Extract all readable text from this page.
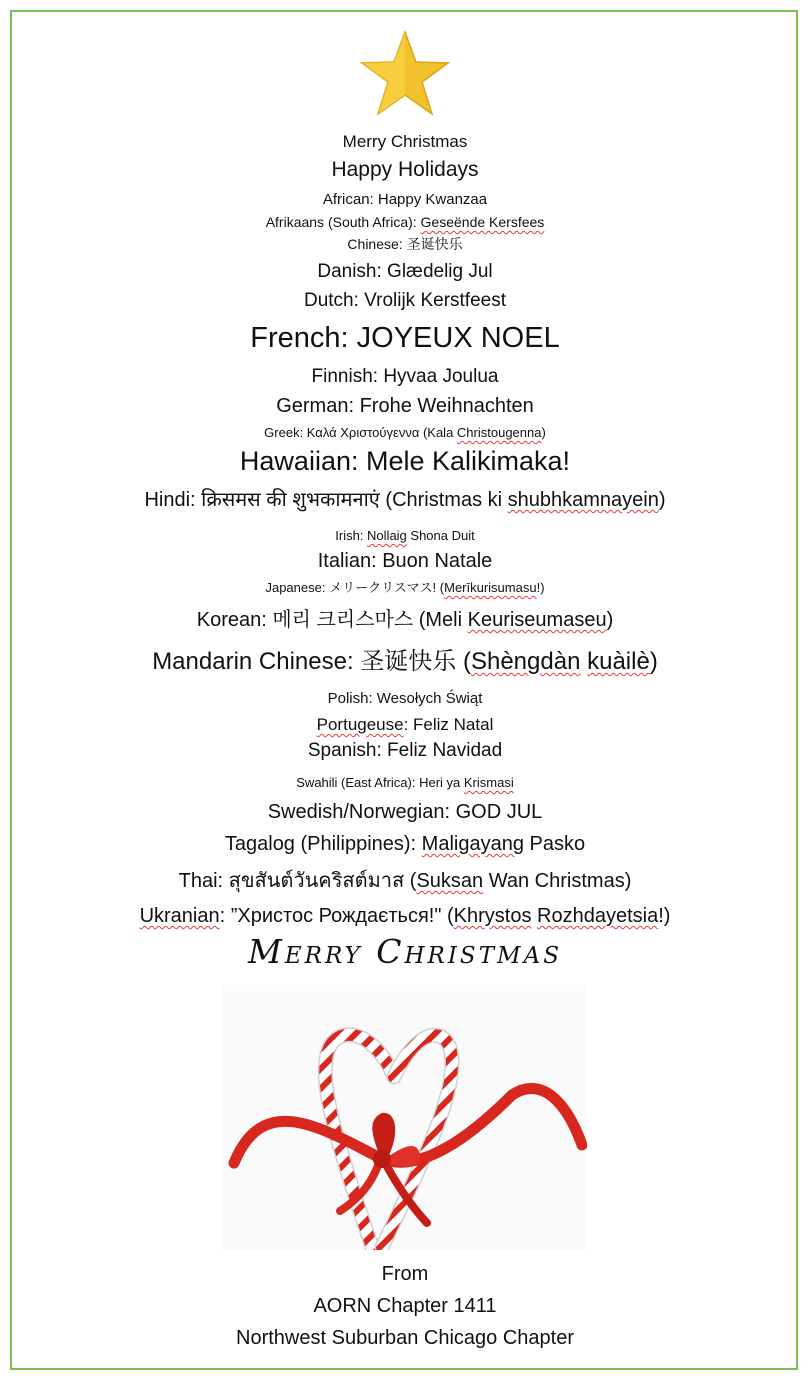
Merry Christmas
Happy Holidays
African: Happy Kwanzaa
Afrikaans (South Africa): Geseënde Kersfees
Chinese: 圣诞快乐
Danish: Glædelig Jul
Dutch: Vrolijk Kerstfeest
French: JOYEUX NOEL
Finnish: Hyvaa Joulua
German: Frohe Weihnachten
Greek: Καλά Χριστούγεννα (Kala Christougenna)
Hawaiian: Mele Kalikimaka!
Hindi: क्रिसमस की शुभकामनाएं (Christmas ki shubhkamnayein)
Irish: Nollaig Shona Duit
Italian: Buon Natale
Japanese: メリークリスマス! (Merīkurisumasu!)
Korean: 메리 크리스마스 (Meli Keuriseumaseu)
Mandarin Chinese: 圣诞快乐 (Shèngdàn kuàilè)
Polish: Wesołych Świąt
Portugeuse: Feliz Natal
Spanish: Feliz Navidad
Swahili (East Africa): Heri ya Krismasi
Swedish/Norwegian: GOD JUL
Tagalog (Philippines): Maligayang Pasko
Thai: สุขสันต์วันคริสต์มาส (Suksan Wan Christmas)
Ukranian: ”Христос Рождається!" (Khrystos Rozhdayetsia!)
Merry Christmas
From
AORN Chapter 1411
Northwest Suburban Chicago Chapter
